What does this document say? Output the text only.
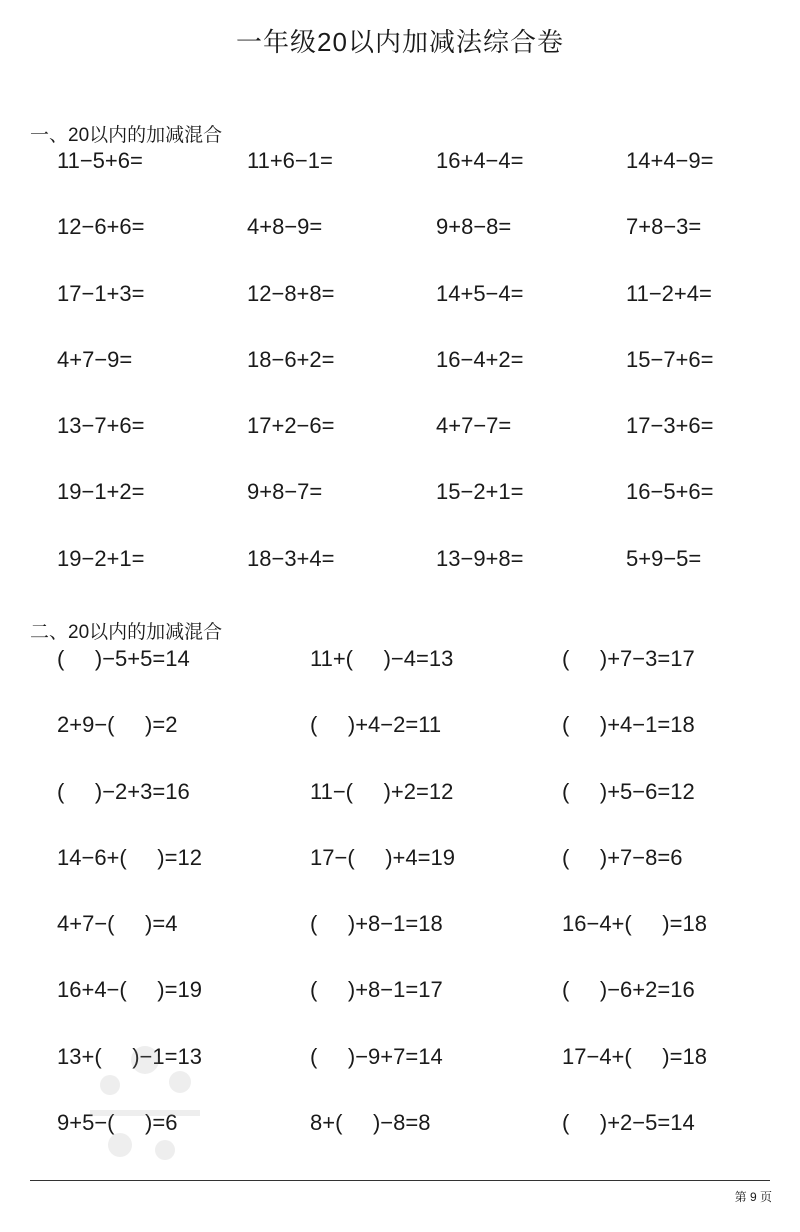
一年级20以内加减法综合卷
一、20以内的加减混合
11−5+6=	11+6−1=	16+4−4=	14+4−9=
12−6+6=	4+8−9=	9+8−8=	7+8−3=
17−1+3=	12−8+8=	14+5−4=	11−2+4=
4+7−9=	18−6+2=	16−4+2=	15−7+6=
13−7+6=	17+2−6=	4+7−7=	17−3+6=
19−1+2=	9+8−7=	15−2+1=	16−5+6=
19−2+1=	18−3+4=	13−9+8=	5+9−5=
二、20以内的加减混合
(     )−5+5=14	11+(     )−4=13	(     )+7−3=17
2+9−(     )=2	(     )+4−2=11	(     )+4−1=18
(     )−2+3=16	11−(     )+2=12	(     )+5−6=12
14−6+(     )=12	17−(     )+4=19	(     )+7−8=6
4+7−(     )=4	(     )+8−1=18	16−4+(     )=18
16+4−(     )=19	(     )+8−1=17	(     )−6+2=16
13+(     )−1=13	(     )−9+7=14	17−4+(     )=18
9+5−(     )=6	8+(     )−8=8	(     )+2−5=14
第 9 页
